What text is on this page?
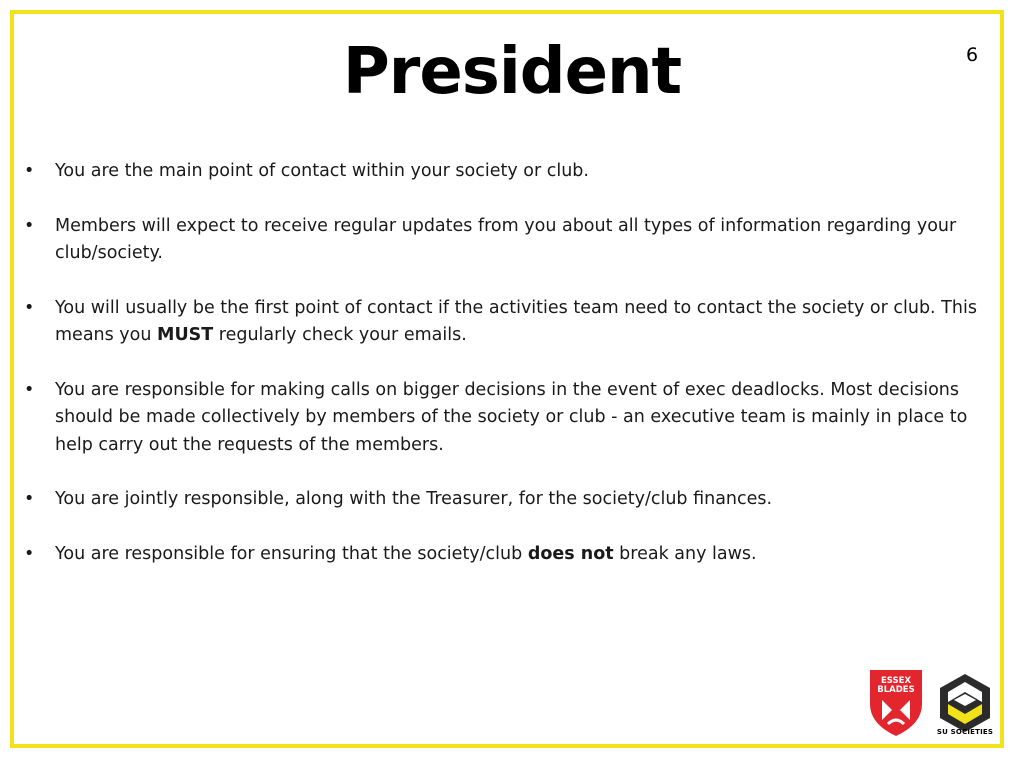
President	6
• You are the main point of contact within your society or club.
• Members will expect to receive regular updates from you about all types of information regarding your club/society.
• You will usually be the first point of contact if the activities team need to contact the society or club. This means you MUST regularly check your emails.
• You are responsible for making calls on bigger decisions in the event of exec deadlocks. Most decisions should be made collectively by members of the society or club - an executive team is mainly in place to help carry out the requests of the members.
• You are jointly responsible, along with the Treasurer, for the society/club finances.
• You are responsible for ensuring that the society/club does not break any laws.
ESSEX
BLADES
SU SOCIETIES
